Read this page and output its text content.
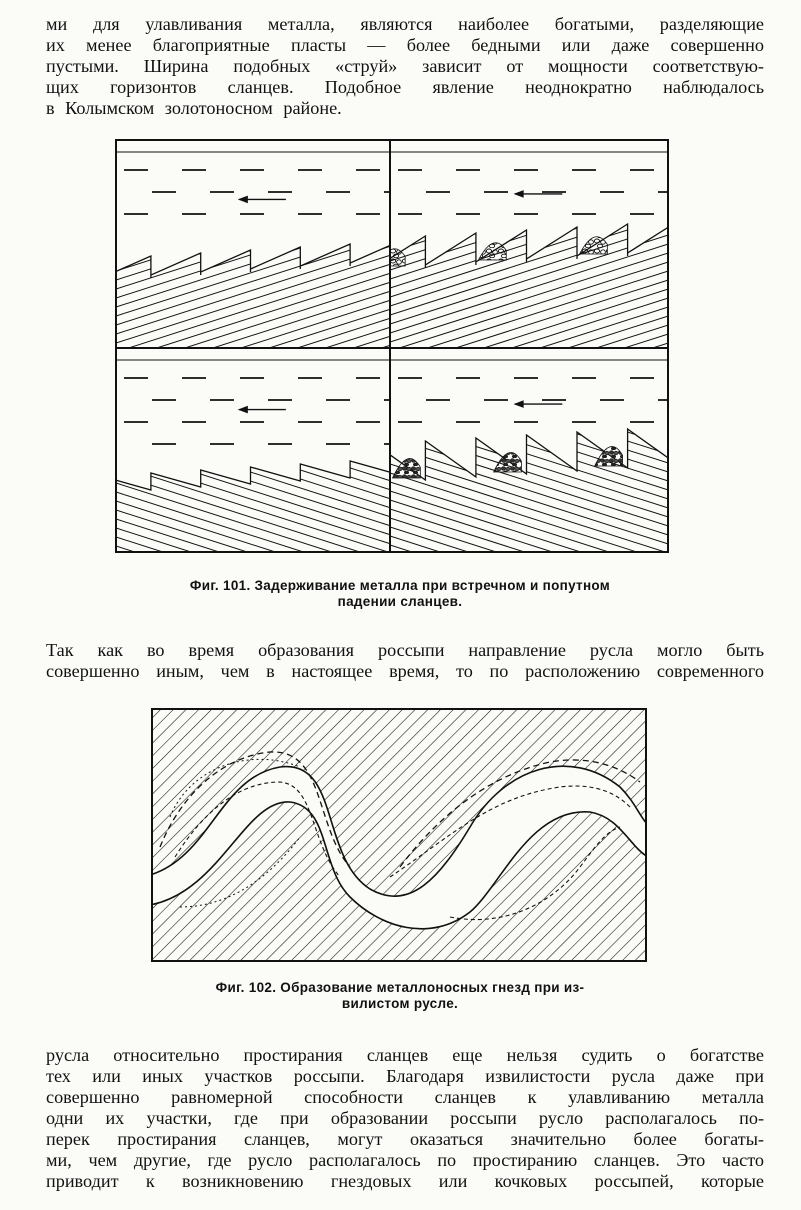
ми для улавливания металла, являются наиболее богатыми, разделяющие
их менее благоприятные пласты — более бедными или даже совершенно
пустыми. Ширина подобных «струй» зависит от мощности соответствую-
щих горизонтов сланцев. Подобное явление неоднократно наблюдалось
в Колымском золотоносном районе.
Фиг. 101. Задерживание металла при встречном и попутном
падении сланцев.
Так как во время образования россыпи направление русла могло быть
совершенно иным, чем в настоящее время, то по расположению современного
Фиг. 102. Образование металлоносных гнезд при из-
вилистом русле.
русла относительно простирания сланцев еще нельзя судить о богатстве
тех или иных участков россыпи. Благодаря извилистости русла даже при
совершенно равномерной способности сланцев к улавливанию металла
одни их участки, где при образовании россыпи русло располагалось по-
перек простирания сланцев, могут оказаться значительно более богаты-
ми, чем другие, где русло располагалось по простиранию сланцев. Это часто
приводит к возникновению гнездовых или кочковых россыпей, которые
